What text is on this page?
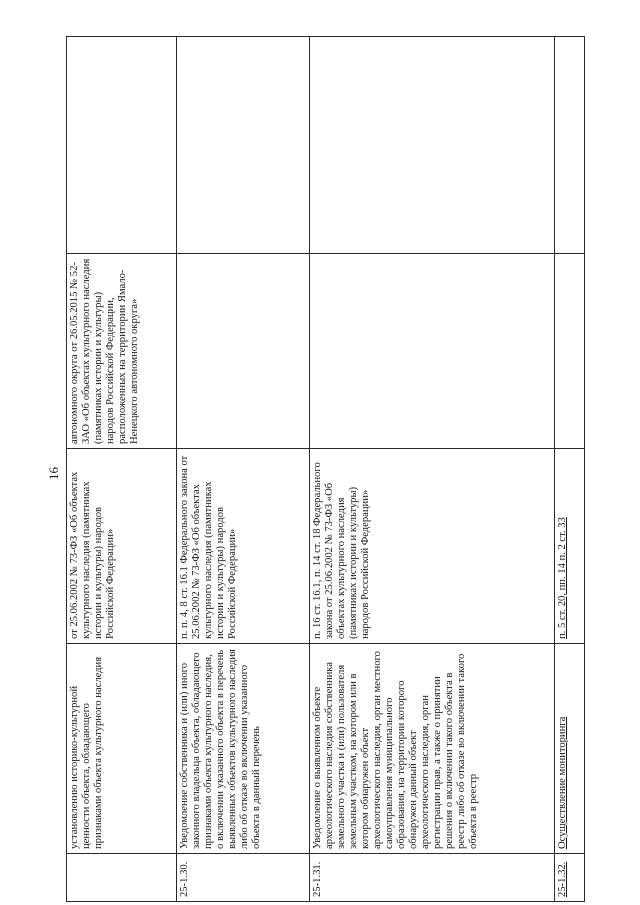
16
	установлению историко-культурной ценности объекта, обладающего признаками объекта культурного наследия	от 25.06.2002 № 73-ФЗ «Об объектах культурного наследия (памятниках истории и культуры) народов Российской Федерации»	автономного округа от 26.05.2015 № 52-ЗАО «Об объектах культурного наследия (памятниках истории и культуры) народов Российской Федерации, расположенных на территории Ямало-Ненецкого автономного округа»	
25-1.30.	Уведомление собственника и (или) иного законного владельца объекта, обладающего признаками объекта культурного наследия, о включении указанного объекта в перечень выявленных объектов культурного наследия либо об отказе во включении указанного объекта в данный перечень	п. п. 4, 8 ст. 16.1 Федерального закона от 25.06.2002 № 73-ФЗ «Об объектах культурного наследия (памятниках истории и культуры) народов Российской Федерации»		
25-1.31.	Уведомление о выявленном объекте археологического наследия собственника земельного участка и (или) пользователя земельным участком, на котором или в котором обнаружен объект археологического наследия, орган местного самоуправления муниципального образования, на территории которого обнаружен данный объект археологического наследия, орган регистрации прав, а также о принятии решения о включении такого объекта в реестр либо об отказе во включении такого объекта в реестр	п. 16 ст. 16.1, п. 14 ст. 18 Федерального закона от 25.06.2002 № 73-ФЗ «Об объектах культурного наследия (памятниках истории и культуры) народов Российской Федерации»		
25-1.32.	Осуществление мониторинга	п. 5 ст. 20, пп. 14 п. 2 ст. 33		
